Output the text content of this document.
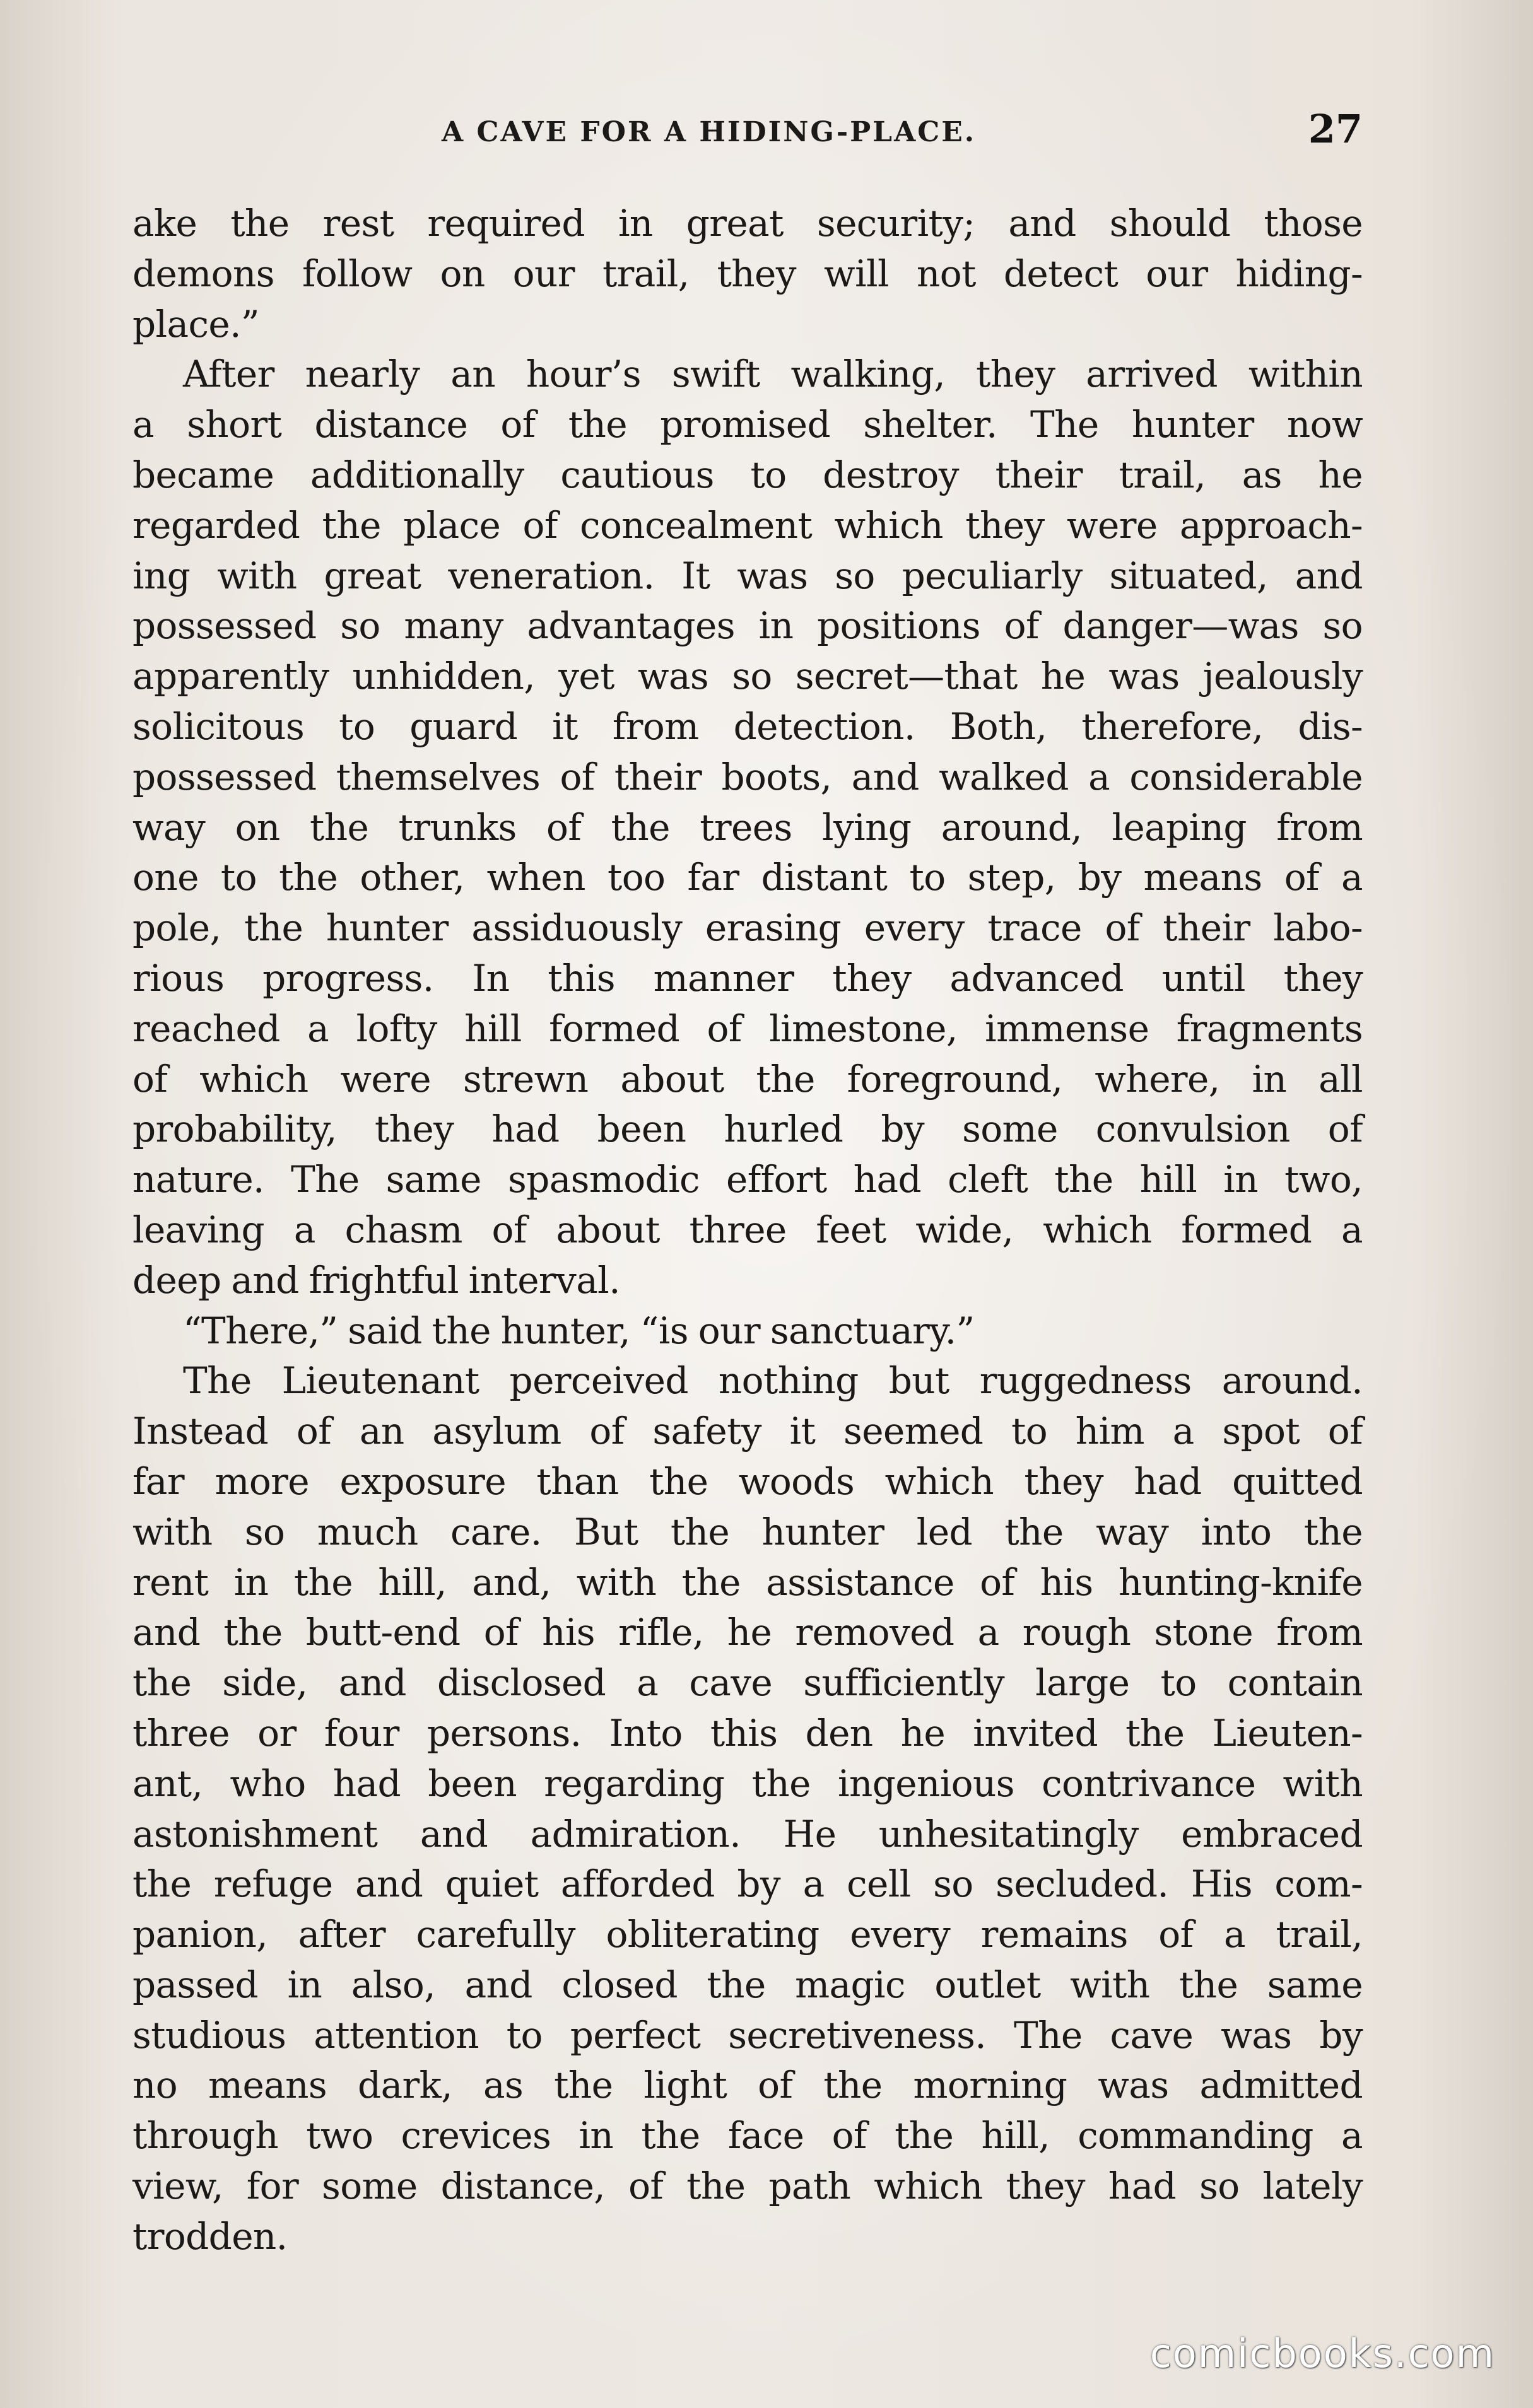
A CAVE FOR A HIDING-PLACE.	27
ake the rest required in great security; and should those
demons follow on our trail, they will not detect our hiding-
place.”
After nearly an hour’s swift walking, they arrived within
a short distance of the promised shelter. The hunter now
became additionally cautious to destroy their trail, as he
regarded the place of concealment which they were approach-
ing with great veneration. It was so peculiarly situated, and
possessed so many advantages in positions of danger—was so
apparently unhidden, yet was so secret—that he was jealously
solicitous to guard it from detection. Both, therefore, dis-
possessed themselves of their boots, and walked a considerable
way on the trunks of the trees lying around, leaping from
one to the other, when too far distant to step, by means of a
pole, the hunter assiduously erasing every trace of their labo-
rious progress. In this manner they advanced until they
reached a lofty hill formed of limestone, immense fragments
of which were strewn about the foreground, where, in all
probability, they had been hurled by some convulsion of
nature. The same spasmodic effort had cleft the hill in two,
leaving a chasm of about three feet wide, which formed a
deep and frightful interval.
“There,” said the hunter, “is our sanctuary.”
The Lieutenant perceived nothing but ruggedness around.
Instead of an asylum of safety it seemed to him a spot of
far more exposure than the woods which they had quitted
with so much care. But the hunter led the way into the
rent in the hill, and, with the assistance of his hunting-knife
and the butt-end of his rifle, he removed a rough stone from
the side, and disclosed a cave sufficiently large to contain
three or four persons. Into this den he invited the Lieuten-
ant, who had been regarding the ingenious contrivance with
astonishment and admiration. He unhesitatingly embraced
the refuge and quiet afforded by a cell so secluded. His com-
panion, after carefully obliterating every remains of a trail,
passed in also, and closed the magic outlet with the same
studious attention to perfect secretiveness. The cave was by
no means dark, as the light of the morning was admitted
through two crevices in the face of the hill, commanding a
view, for some distance, of the path which they had so lately
trodden.
comicbooks.com
